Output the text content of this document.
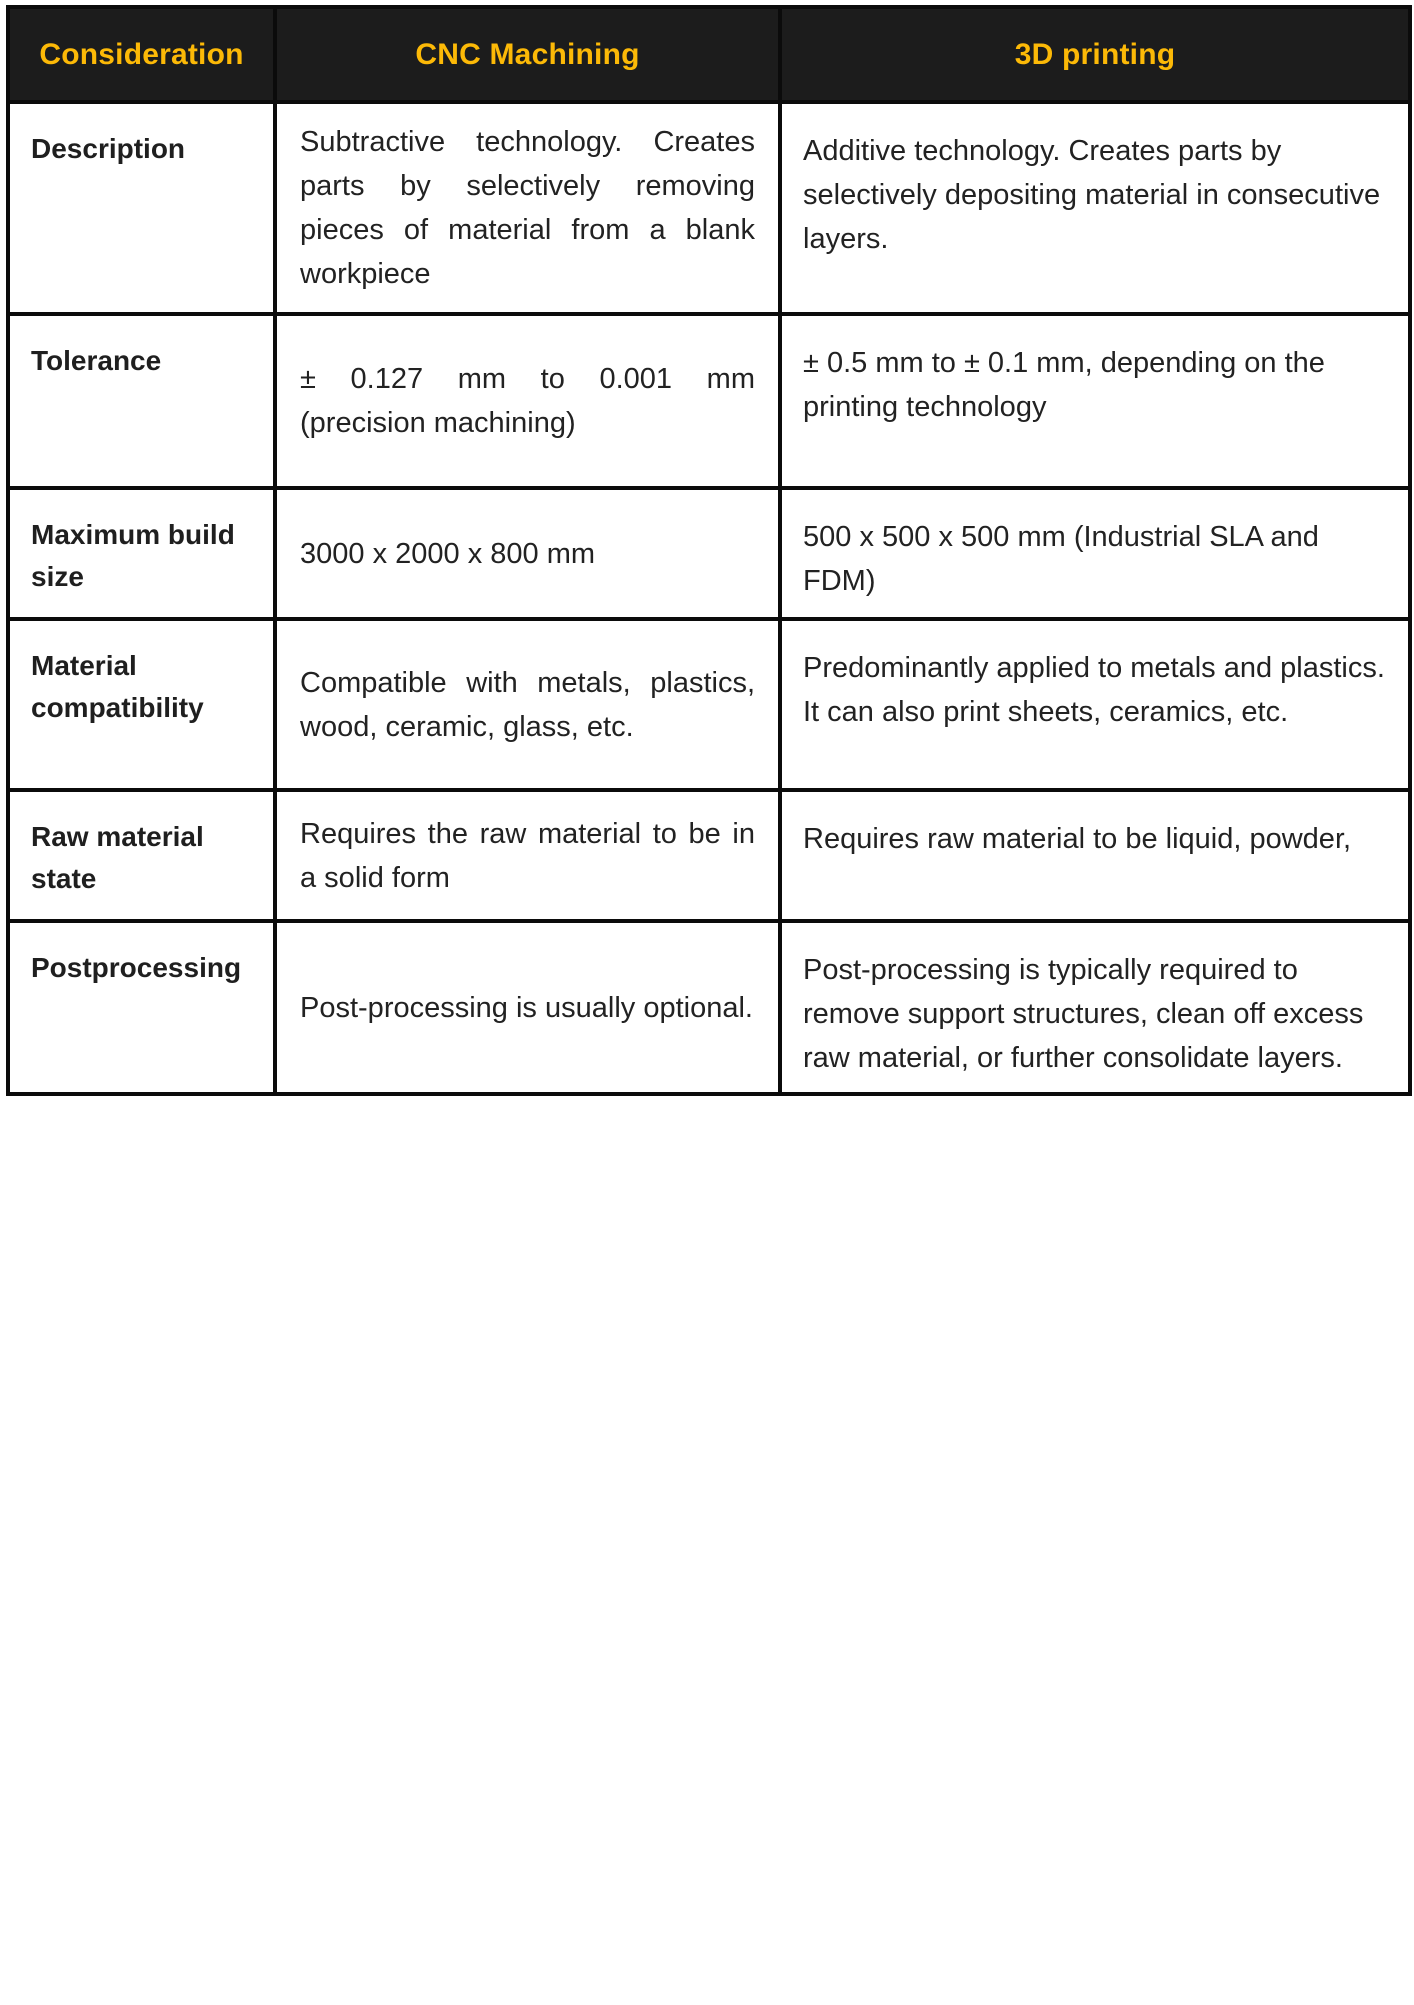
Consideration	CNC Machining	3D printing
Description	Subtractive technology. Creates parts by selectively removing pieces of material from a blank workpiece	Additive technology. Creates parts by selectively depositing material in consecutive layers.
Tolerance	± 0.127 mm to 0.001 mm (precision machining)	± 0.5 mm to ± 0.1 mm, depending on the printing technology
Maximum build size	3000 x 2000 x 800 mm	500 x 500 x 500 mm (Industrial SLA and FDM)
Material compatibility	Compatible with metals, plastics, wood, ceramic, glass, etc.	Predominantly applied to metals and plastics. It can also print sheets, ceramics, etc.
Raw material state	Requires the raw material to be in a solid form	Requires raw material to be liquid, powder,
Postprocessing	Post-processing is usually optional.	Post-processing is typically required to remove support structures, clean off excess raw material, or further consolidate layers.
